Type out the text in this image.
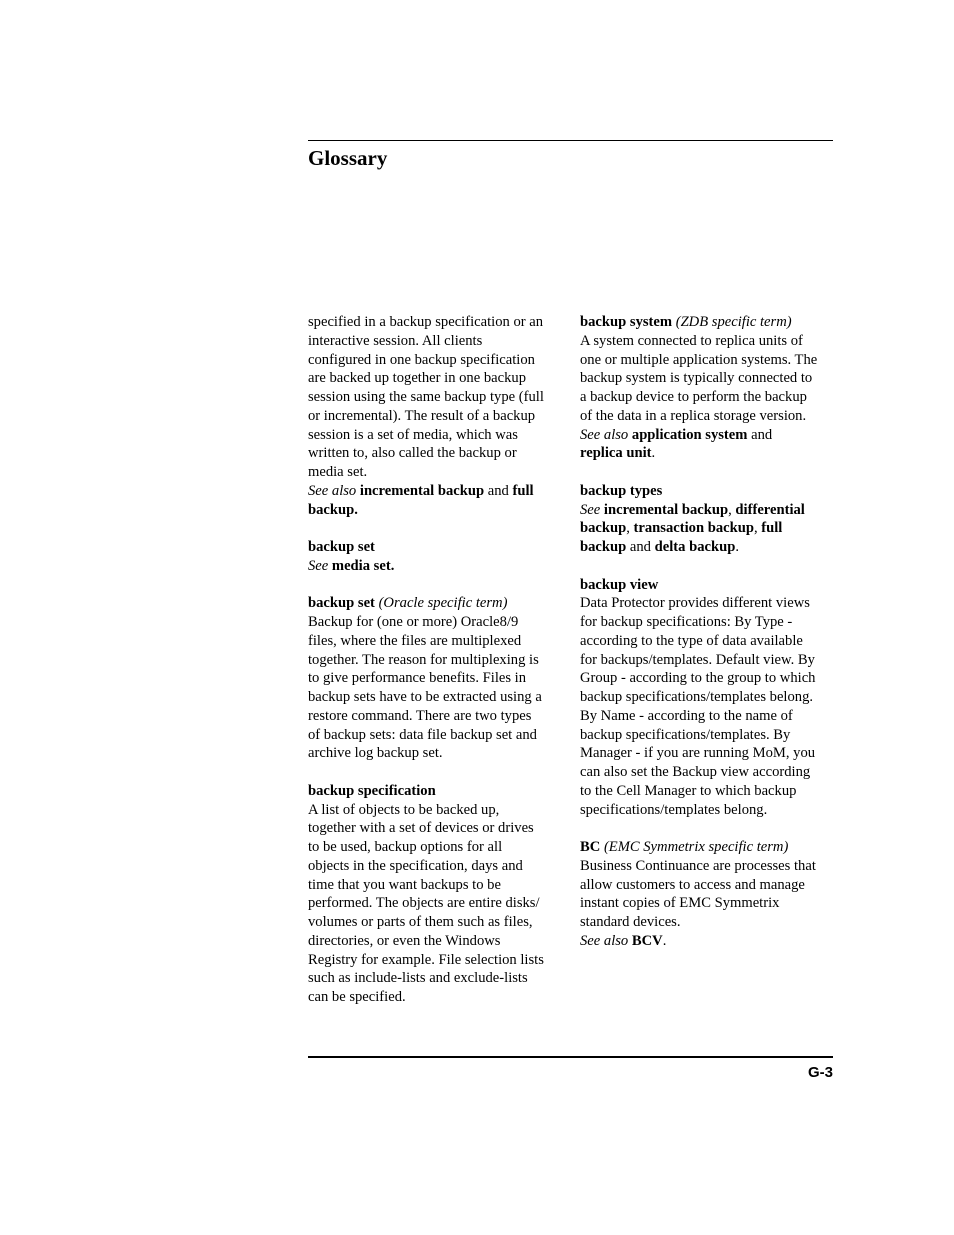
Glossary
specified in a backup specification or an
interactive session. All clients
configured in one backup specification
are backed up together in one backup
session using the same backup type (full
or incremental). The result of a backup
session is a set of media, which was
written to, also called the backup or
media set.
See also incremental backup and full
backup.
backup set
See media set.
backup set (Oracle specific term)
Backup for (one or more) Oracle8/9
files, where the files are multiplexed
together. The reason for multiplexing is
to give performance benefits. Files in
backup sets have to be extracted using a
restore command. There are two types
of backup sets: data file backup set and
archive log backup set.
backup specification
A list of objects to be backed up,
together with a set of devices or drives
to be used, backup options for all
objects in the specification, days and
time that you want backups to be
performed. The objects are entire disks/
volumes or parts of them such as files,
directories, or even the Windows
Registry for example. File selection lists
such as include-lists and exclude-lists
can be specified.
backup system (ZDB specific term)
A system connected to replica units of
one or multiple application systems. The
backup system is typically connected to
a backup device to perform the backup
of the data in a replica storage version.
See also application system and
replica unit.
backup types
See incremental backup, differential
backup, transaction backup, full
backup and delta backup.
backup view
Data Protector provides different views
for backup specifications: By Type -
according to the type of data available
for backups/templates. Default view. By
Group - according to the group to which
backup specifications/templates belong.
By Name - according to the name of
backup specifications/templates. By
Manager - if you are running MoM, you
can also set the Backup view according
to the Cell Manager to which backup
specifications/templates belong.
BC (EMC Symmetrix specific term)
Business Continuance are processes that
allow customers to access and manage
instant copies of EMC Symmetrix
standard devices.
See also BCV.
G-3
